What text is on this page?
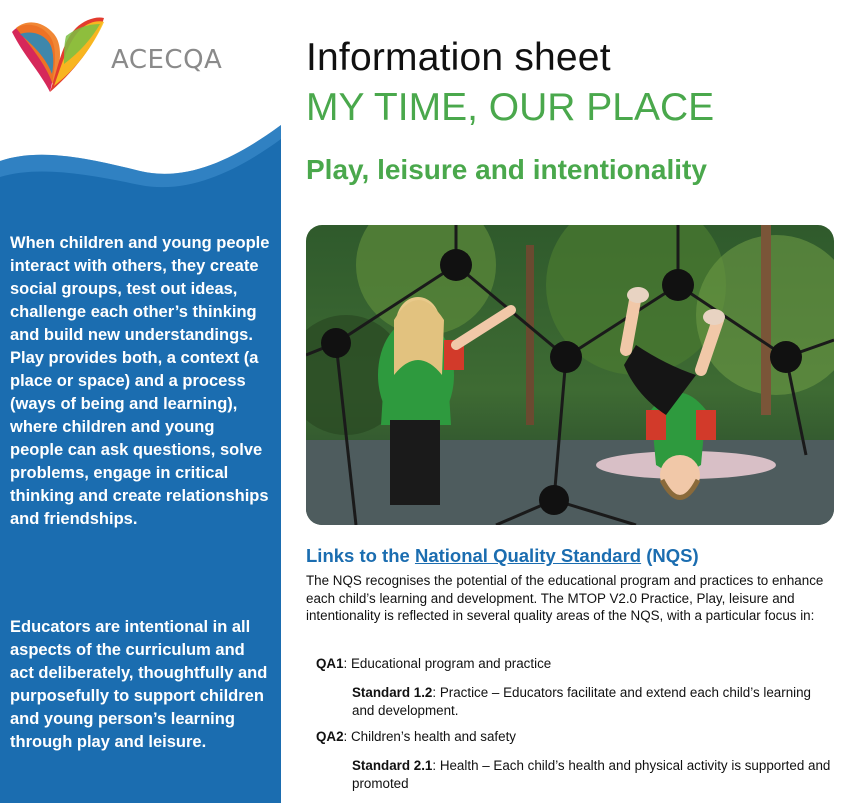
ACECQA
When children and young people interact with others, they create social groups, test out ideas, challenge each other’s thinking and build new understandings. Play provides both, a context (a place or space) and a process (ways of being and learning), where children and young people can ask questions, solve problems, engage in critical thinking and create relationships and friendships.
Educators are intentional in all aspects of the curriculum and act deliberately, thoughtfully and purposefully to support children and young person’s learning through play and leisure.
Information sheet
MY TIME, OUR PLACE
Play, leisure and intentionality
Links to the National Quality Standard (NQS)
The NQS recognises the potential of the educational program and practices to enhance each child’s learning and development. The MTOP V2.0 Practice, Play, leisure and intentionality is reflected in several quality areas of the NQS, with a particular focus in:
QA1: Educational program and practice
Standard 1.2: Practice – Educators facilitate and extend each child’s learning and development.
QA2: Children’s health and safety
Standard 2.1: Health – Each child’s health and physical activity is supported and promoted
